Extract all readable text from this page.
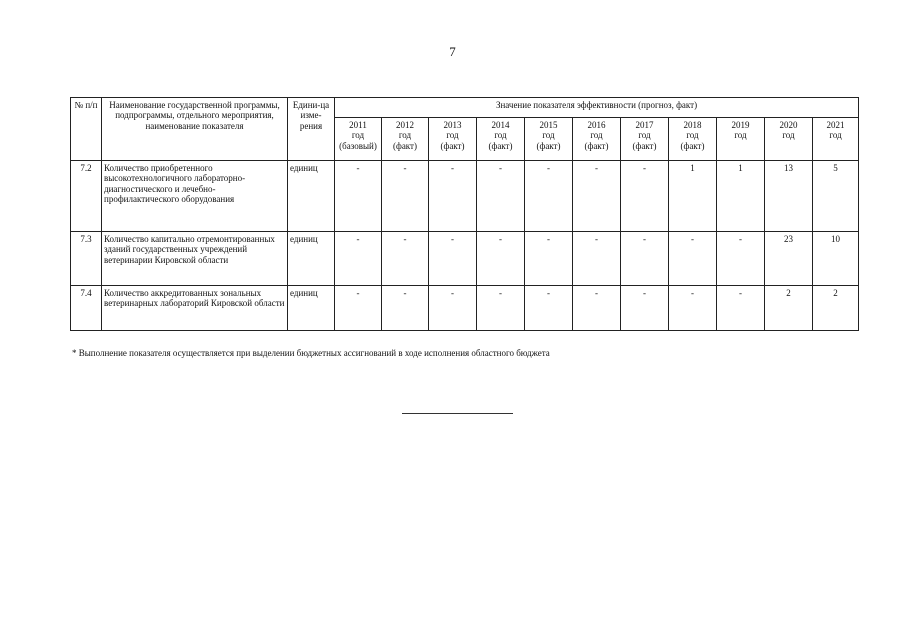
7
№ п/п	Наименование государственной программы, подпрограммы, отдельного мероприятия, наименование показателя	Едини-ца изме-рения	Значение показателя эффективности (прогноз, факт)										

			2011
год
(базовый)	2012
год
(факт)	2013
год
(факт)	2014
год
(факт)	2015
год
(факт)	2016
год
(факт)	2017
год
(факт)	2018
год
(факт)	2019
год	2020
год	2021
год

7.2	Количество приобретенного высокотехнологичного лабораторно-диагностического и лечебно-профилактического оборудования	единиц	-	-	-	-	-	-	-	1	1	13	5
7.3	Количество капитально отремонтированных зданий государственных учреждений ветеринарии Кировской области	единиц	-	-	-	-	-	-	-	-	-	23	10
7.4	Количество аккредитованных зональных ветеринарных лабораторий Кировской области	единиц	-	-	-	-	-	-	-	-	-	2	2
* Выполнение показателя осуществляется при выделении бюджетных ассигнований в ходе исполнения областного бюджета
